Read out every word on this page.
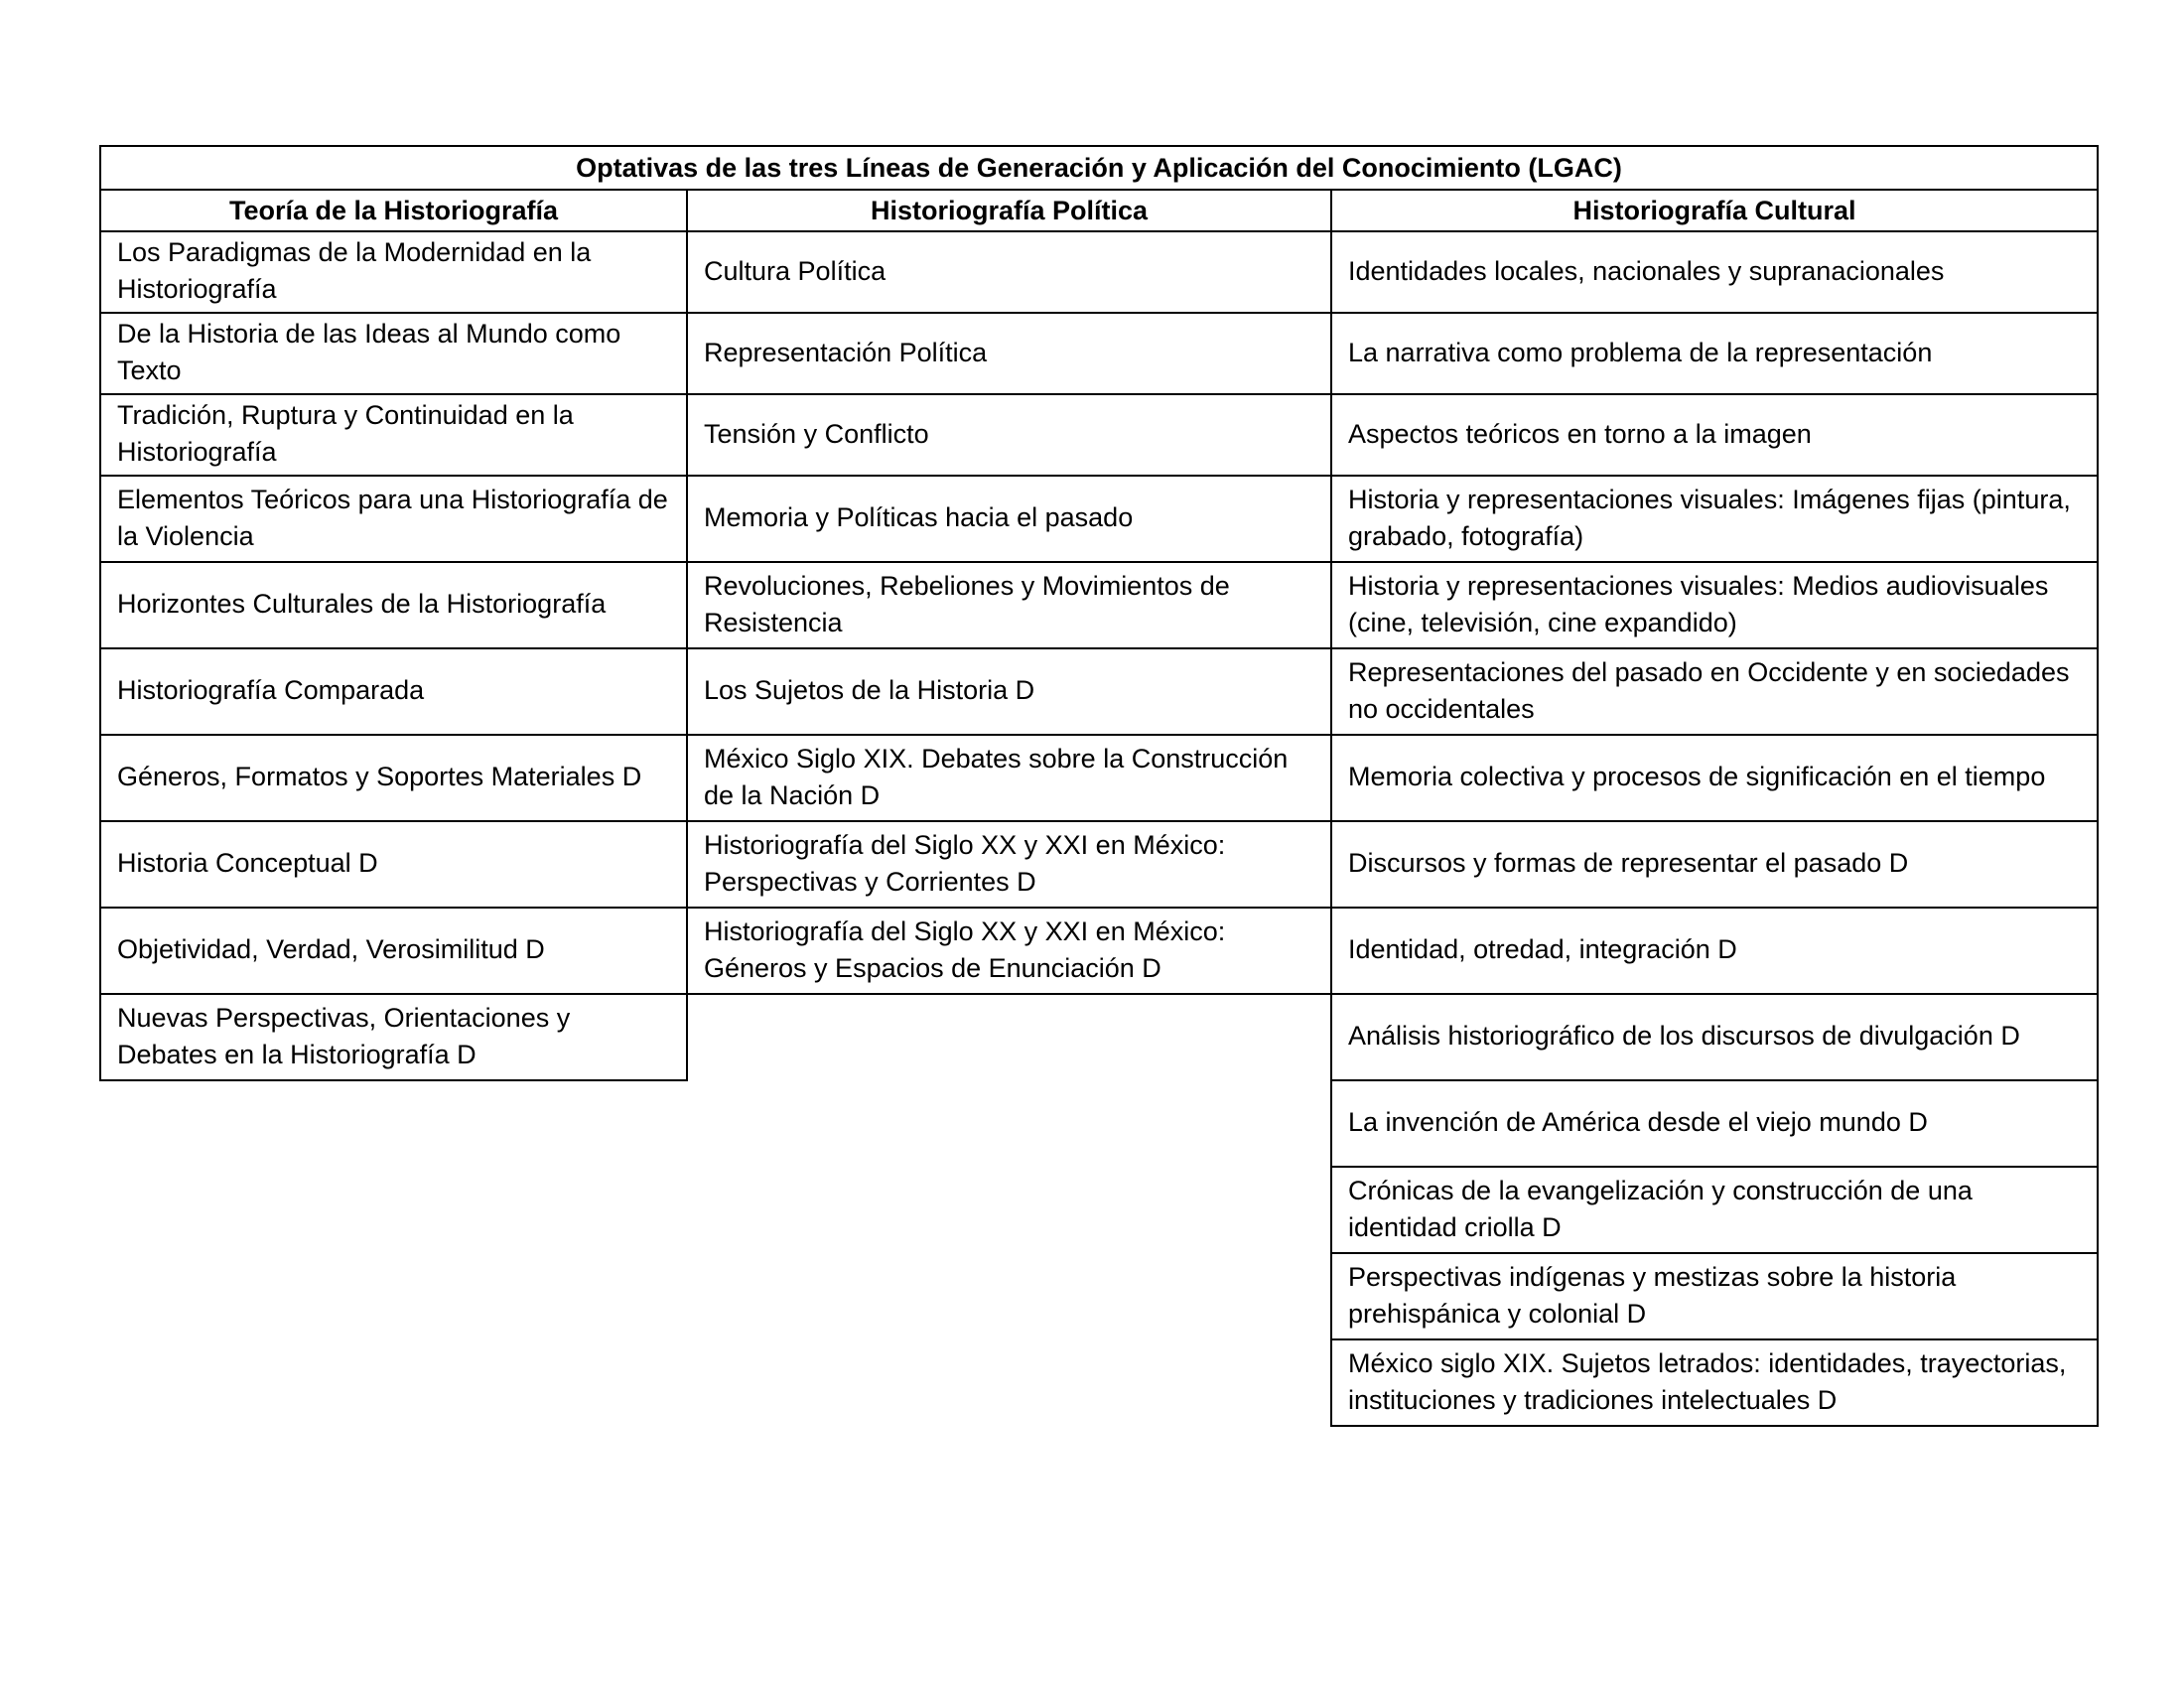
Optativas de las tres Líneas de Generación y Aplicación del Conocimiento (LGAC)		
Teoría de la Historiografía	Historiografía Política	Historiografía Cultural
Los Paradigmas de la Modernidad en la Historiografía	Cultura Política	Identidades locales, nacionales y supranacionales
De la Historia de las Ideas al Mundo como Texto	Representación Política	La narrativa como problema de la representación
Tradición, Ruptura y Continuidad en la Historiografía	Tensión y Conflicto	Aspectos teóricos en torno a la imagen
Elementos Teóricos para una Historiografía de la Violencia	Memoria y Políticas hacia el pasado	Historia y representaciones visuales: Imágenes fijas (pintura, grabado, fotografía)
Horizontes Culturales de la Historiografía	Revoluciones, Rebeliones y Movimientos de Resistencia	Historia y representaciones visuales: Medios audiovisuales (cine, televisión, cine expandido)
Historiografía Comparada	Los Sujetos de la Historia D	Representaciones del pasado en Occidente y en sociedades no occidentales
Géneros, Formatos y Soportes Materiales D	México Siglo XIX. Debates sobre la Construcción de la Nación D	Memoria colectiva y procesos de significación en el tiempo
Historia Conceptual D	Historiografía del Siglo XX y XXI en México: Perspectivas y Corrientes D	Discursos y formas de representar el pasado D
Objetividad, Verdad, Verosimilitud D	Historiografía del Siglo XX y XXI en México: Géneros y Espacios de Enunciación D	Identidad, otredad, integración D
Nuevas Perspectivas, Orientaciones y Debates en la Historiografía D		Análisis historiográfico de los discursos de divulgación D
		La invención de América desde el viejo mundo D
		Crónicas de la evangelización y construcción de una identidad criolla D
		Perspectivas indígenas y mestizas sobre la historia prehispánica y colonial D
		México siglo XIX. Sujetos letrados: identidades, trayectorias, instituciones y tradiciones intelectuales D
